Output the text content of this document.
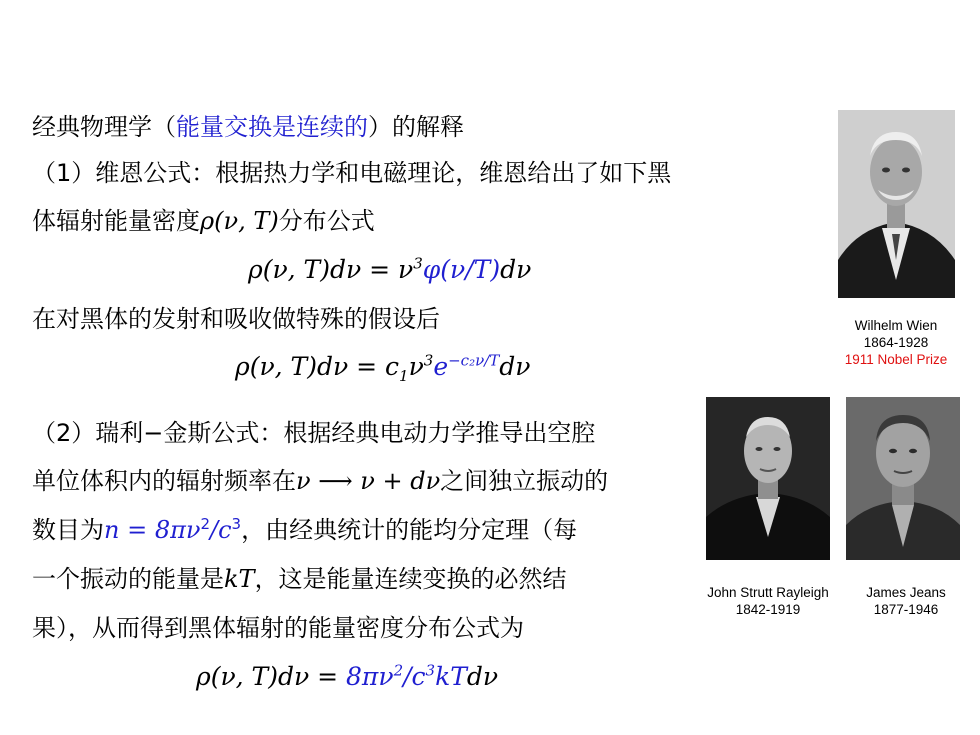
经典物理学（能量交换是连续的）的解释
（1）维恩公式：根据热力学和电磁理论，维恩给出了如下黑
体辐射能量密度ρ(ν, T)分布公式
ρ(ν, $T)d\nu = \nu^3\varphi(\nu/T)d\nu$
在对黑体的发射和吸收做特殊的假设后
ρ(ν, $T)d\nu = c_1\nu^3e^{-c_2\nu/T}d\nu$
（2）瑞利−金斯公式：根据经典电动力学推导出空腔
单位体积内的辐射频率在ν ⟶ ν + dν之间独立振动的
数目为$n = 8\pi\nu^2/c^3$，由经典统计的能均分定理（每
一个振动的能量是kT，这是能量连续变换的必然结
果），从而得到黑体辐射的能量密度分布公式为
ρ(ν, $T)d\nu = 8\pi\nu^2/c^3kTd\nu$
Wilhelm Wien
1864-1928
1911 Nobel Prize
John Strutt Rayleigh
1842-1919
James Jeans
1877-1946
